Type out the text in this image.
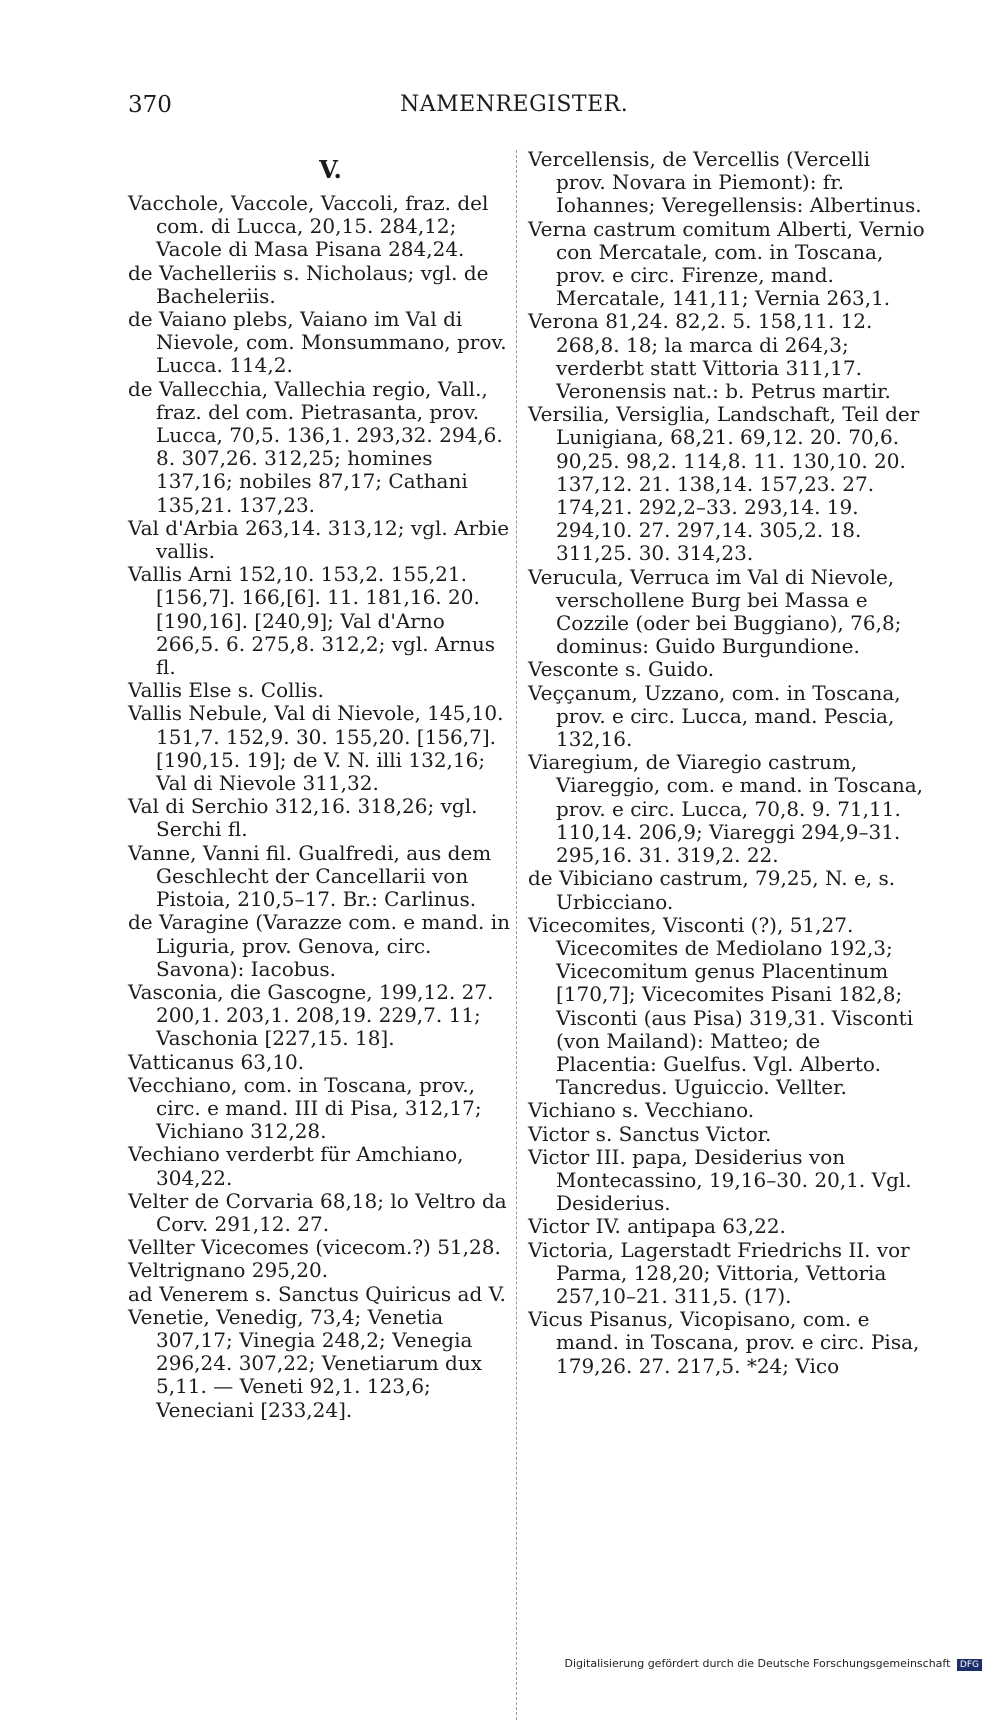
370	NAMENREGISTER.
V.

Vacchole, Vaccole, Vaccoli, fraz. del com. di Lucca, 20,15. 284,12; Vacole di Masa Pisana 284,24.

de Vachelleriis s. Nicholaus; vgl. de Bacheleriis.

de Vaiano plebs, Vaiano im Val di Nievole, com. Monsummano, prov. Lucca. 114,2.

de Vallecchia, Vallechia regio, Vall., fraz. del com. Pietrasanta, prov. Lucca, 70,5. 136,1. 293,32. 294,6. 8. 307,26. 312,25; homines 137,16; nobiles 87,17; Cathani 135,21. 137,23.

Val d'Arbia 263,14. 313,12; vgl. Arbie vallis.

Vallis Arni 152,10. 153,2. 155,21. [156,7]. 166,[6]. 11. 181,16. 20. [190,16]. [240,9]; Val d'Arno 266,5. 6. 275,8. 312,2; vgl. Arnus fl.

Vallis Else s. Collis.

Vallis Nebule, Val di Nievole, 145,10. 151,7. 152,9. 30. 155,20. [156,7]. [190,15. 19]; de V. N. illi 132,16; Val di Nievole 311,32.

Val di Serchio 312,16. 318,26; vgl. Serchi fl.

Vanne, Vanni fil. Gualfredi, aus dem Geschlecht der Cancellarii von Pistoia, 210,5–17. Br.: Carlinus.

de Varagine (Varazze com. e mand. in Liguria, prov. Genova, circ. Savona): Iacobus.

Vasconia, die Gascogne, 199,12. 27. 200,1. 203,1. 208,19. 229,7. 11; Vaschonia [227,15. 18].

Vatticanus 63,10.

Vecchiano, com. in Toscana, prov., circ. e mand. III di Pisa, 312,17; Vichiano 312,28.

Vechiano verderbt für Amchiano, 304,22.

Velter de Corvaria 68,18; lo Veltro da Corv. 291,12. 27.

Vellter Vicecomes (vicecom.?) 51,28.

Veltrignano 295,20.

ad Venerem s. Sanctus Quiricus ad V.

Venetie, Venedig, 73,4; Venetia 307,17; Vinegia 248,2; Venegia 296,24. 307,22; Venetiarum dux 5,11. — Veneti 92,1. 123,6; Veneciani [233,24].

Vercellensis, de Vercellis (Vercelli prov. Novara in Piemont): fr. Iohannes; Veregellensis: Albertinus.

Verna castrum comitum Alberti, Vernio con Mercatale, com. in Toscana, prov. e circ. Firenze, mand. Mercatale, 141,11; Vernia 263,1.

Verona 81,24. 82,2. 5. 158,11. 12. 268,8. 18; la marca di 264,3; verderbt statt Vittoria 311,17. Veronensis nat.: b. Petrus martir.

Versilia, Versiglia, Landschaft, Teil der Lunigiana, 68,21. 69,12. 20. 70,6. 90,25. 98,2. 114,8. 11. 130,10. 20. 137,12. 21. 138,14. 157,23. 27. 174,21. 292,2–33. 293,14. 19. 294,10. 27. 297,14. 305,2. 18. 311,25. 30. 314,23.

Verucula, Verruca im Val di Nievole, verschollene Burg bei Massa e Cozzile (oder bei Buggiano), 76,8; dominus: Guido Burgundione.

Vesconte s. Guido.

Veççanum, Uzzano, com. in Toscana, prov. e circ. Lucca, mand. Pescia, 132,16.

Viaregium, de Viaregio castrum, Viareggio, com. e mand. in Toscana, prov. e circ. Lucca, 70,8. 9. 71,11. 110,14. 206,9; Viareggi 294,9–31. 295,16. 31. 319,2. 22.

de Vibiciano castrum, 79,25, N. e, s. Urbicciano.

Vicecomites, Visconti (?), 51,27. Vicecomites de Mediolano 192,3; Vicecomitum genus Placentinum [170,7]; Vicecomites Pisani 182,8; Visconti (aus Pisa) 319,31. Visconti (von Mailand): Matteo; de Placentia: Guelfus. Vgl. Alberto. Tancredus. Uguiccio. Vellter.

Vichiano s. Vecchiano.

Victor s. Sanctus Victor.

Victor III. papa, Desiderius von Montecassino, 19,16–30. 20,1. Vgl. Desiderius.

Victor IV. antipapa 63,22.

Victoria, Lagerstadt Friedrichs II. vor Parma, 128,20; Vittoria, Vettoria 257,10–21. 311,5. (17).

Vicus Pisanus, Vicopisano, com. e mand. in Toscana, prov. e circ. Pisa, 179,26. 27. 217,5. *24; Vico

Digitalisierung gefördert durch die Deutsche Forschungsgemeinschaft DFG
